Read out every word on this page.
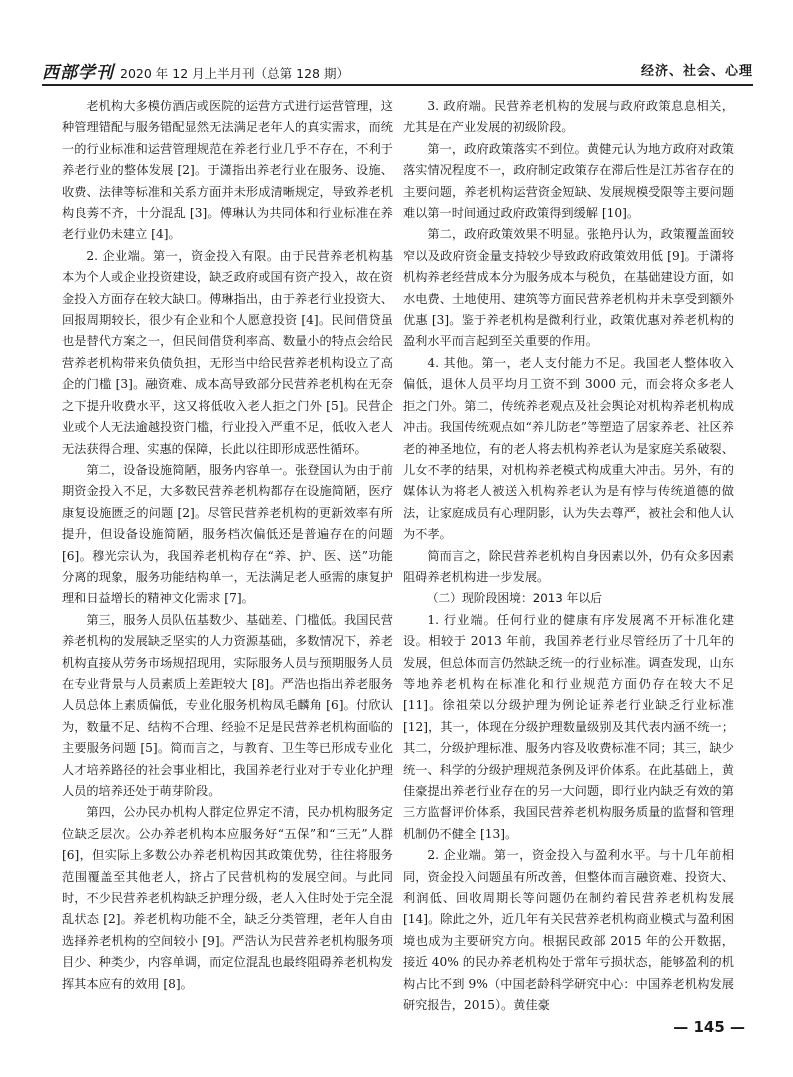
西部学刊 2020 年 12 月上半月刊（总第 128 期）	经济、社会、心理

老机构大多模仿酒店或医院的运营方式进行运营管理，这种管理错配与服务错配显然无法满足老年人的真实需求，而统一的行业标准和运营管理规范在养老行业几乎不存在，不利于养老行业的整体发展 [2]。于潇指出养老行业在服务、设施、收费、法律等标准和关系方面并未形成清晰规定，导致养老机构良莠不齐，十分混乱 [3]。傅琳认为共同体和行业标准在养老行业仍未建立 [4]。

2. 企业端。第一，资金投入有限。由于民营养老机构基本为个人或企业投资建设，缺乏政府或国有资产投入，故在资金投入方面存在较大缺口。傅琳指出，由于养老行业投资大、回报周期较长，很少有企业和个人愿意投资 [4]。民间借贷虽也是替代方案之一，但民间借贷利率高、数量小的特点会给民营养老机构带来负债负担，无形当中给民营养老机构设立了高企的门槛 [3]。融资难、成本高导致部分民营养老机构在无奈之下提升收费水平，这又将低收入老人拒之门外 [5]。民营企业或个人无法逾越投资门槛，行业投入严重不足，低收入老人无法获得合理、实惠的保障，长此以往即形成恶性循环。

第二，设备设施简陋，服务内容单一。张登国认为由于前期资金投入不足，大多数民营养老机构都存在设施简陋，医疗康复设施匮乏的问题 [2]。尽管民营养老机构的更新效率有所提升，但设备设施简陋，服务档次偏低还是普遍存在的问题 [6]。穆光宗认为，我国养老机构存在“养、护、医、送”功能分离的现象，服务功能结构单一，无法满足老人亟需的康复护理和日益增长的精神文化需求 [7]。

第三，服务人员队伍基数少、基础差、门槛低。我国民营养老机构的发展缺乏坚实的人力资源基础，多数情况下，养老机构直接从劳务市场规招现用，实际服务人员与预期服务人员在专业背景与人员素质上差距较大 [8]。严浩也指出养老服务人员总体上素质偏低，专业化服务机构凤毛麟角 [6]。付欣认为，数量不足、结构不合理、经验不足是民营养老机构面临的主要服务问题 [5]。简而言之，与教育、卫生等已形成专业化人才培养路径的社会事业相比，我国养老行业对于专业化护理人员的培养还处于萌芽阶段。

第四，公办民办机构人群定位界定不清，民办机构服务定位缺乏层次。公办养老机构本应服务好“五保”和“三无”人群 [6]，但实际上多数公办养老机构因其政策优势，往往将服务范围覆盖至其他老人，挤占了民营机构的发展空间。与此同时，不少民营养老机构缺乏护理分级，老人入住时处于完全混乱状态 [2]。养老机构功能不全，缺乏分类管理，老年人自由选择养老机构的空间较小 [9]。严浩认为民营养老机构服务项目少、种类少，内容单调，而定位混乱也最终阻碍养老机构发挥其本应有的效用 [8]。

3. 政府端。民营养老机构的发展与政府政策息息相关，尤其是在产业发展的初级阶段。

第一，政府政策落实不到位。黄健元认为地方政府对政策落实情况程度不一，政府制定政策存在滞后性是江苏省存在的主要问题，养老机构运营资金短缺、发展规模受限等主要问题难以第一时间通过政府政策得到缓解 [10]。

第二，政府政策效果不明显。张艳丹认为，政策覆盖面较窄以及政府资金量支持较少导致政府政策效用低 [9]。于潇将机构养老经营成本分为服务成本与税负，在基础建设方面，如水电费、土地使用、建筑等方面民营养老机构并未享受到额外优惠 [3]。鉴于养老机构是微利行业，政策优惠对养老机构的盈利水平而言起到至关重要的作用。

4. 其他。第一，老人支付能力不足。我国老人整体收入偏低，退休人员平均月工资不到 3000 元，而会将众多老人拒之门外。第二，传统养老观点及社会舆论对机构养老机构成冲击。我国传统观点如“养儿防老”等塑造了居家养老、社区养老的神圣地位，有的老人将去机构养老认为是家庭关系破裂、儿女不孝的结果，对机构养老模式构成重大冲击。另外，有的媒体认为将老人被送入机构养老认为是有悖与传统道德的做法，让家庭成员有心理阴影，认为失去尊严，被社会和他人认为不孝。

简而言之，除民营养老机构自身因素以外，仍有众多因素阻碍养老机构进一步发展。

（二）现阶段困境：2013 年以后

1. 行业端。任何行业的健康有序发展离不开标准化建设。相较于 2013 年前，我国养老行业尽管经历了十几年的发展，但总体而言仍然缺乏统一的行业标准。调查发现，山东等地养老机构在标准化和行业规范方面仍存在较大不足 [11]。徐祖荣以分级护理为例论证养老行业缺乏行业标准 [12]，其一，体现在分级护理数量级别及其代表内涵不统一；其二，分级护理标准、服务内容及收费标准不同；其三，缺少统一、科学的分级护理规范条例及评价体系。在此基础上，黄佳豪提出养老行业存在的另一大问题，即行业内缺乏有效的第三方监督评价体系，我国民营养老机构服务质量的监督和管理机制仍不健全 [13]。

2. 企业端。第一，资金投入与盈利水平。与十几年前相同，资金投入问题虽有所改善，但整体而言融资难、投资大、利润低、回收周期长等问题仍在制约着民营养老机构发展 [14]。除此之外，近几年有关民营养老机构商业模式与盈利困境也成为主要研究方向。根据民政部 2015 年的公开数据，接近 40% 的民办养老机构处于常年亏损状态，能够盈利的机构占比不到 9%（中国老龄科学研究中心：中国养老机构发展研究报告，2015）。黄佳豪

— 145 —
